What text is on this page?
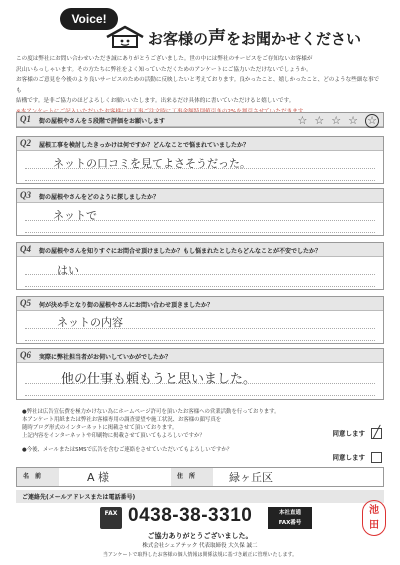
Voice!
お客様の声をお聞かせください
この度は弊社にお問い合わせいただき誠にありがとうございました。世の中には弊社のサービスをご存知ないお客様が
沢山いらっしゃいます。その方たちに弊社をよく知っていただくためのアンケートにご協力いただけないでしょうか。
お客様のご意見を今後のより良いサービスのための活動に反映したいと考えております。良かったこと、嬉しかったこと、どのような些細な事でも
結構です。是非ご協力のほどよろしくお願いいたします。出来るだけ具体的に書いていただけると嬉しいです。
Q1 街の屋根やさんを５段階で評価をお願いします	☆☆☆☆ ☆
Q2 屋根工事を検討したきっかけは何ですか？どんなことで悩まれていましたか？
ネットの口コミを見てよさそうだった。
Q3 街の屋根やさんをどのように探しましたか？
ネットで
Q4 街の屋根やさんを知りすぐにお問合せ頂けましたか？もし悩まれたとしたらどんなことが不安でしたか？
はい
Q5 何が決め手となり街の屋根やさんにお問い合わせ頂きましたか？
ネットの内容
Q6 実際に弊社担当者がお伺いしていかがでしたか？
他の仕事も頼もうと思いました。
●弊社は広告宣伝費を極力かけない為にホームページ許可を頂いたお客様への営業活動を行っております。
本アンケート用紙または弊社お客様専用の調査要望や施工状況、お客様の顔写真を
随時ブログ形式のインターネットに掲載させて頂いております。
上記内容をインターネットや印刷物に掲載させて頂いてもよろしいですか？
●今後、メールまたはSMSで広告を含むご連絡をさせていただいてもよろしいですか？
同意します ╱
同意します
名　前	A 様	住　所	緑ヶ丘区
ご連絡先(メールアドレスまたは電話番号)
FAX 0438-38-3310	本社直通
FAX番号
池
田
ご協力ありがとうございました。
株式会社シェアテック 代表取締役 大久保 誠二
当アンケートで取得したお客様の個人情報は関係法規に基づき厳正に管理いたします。
